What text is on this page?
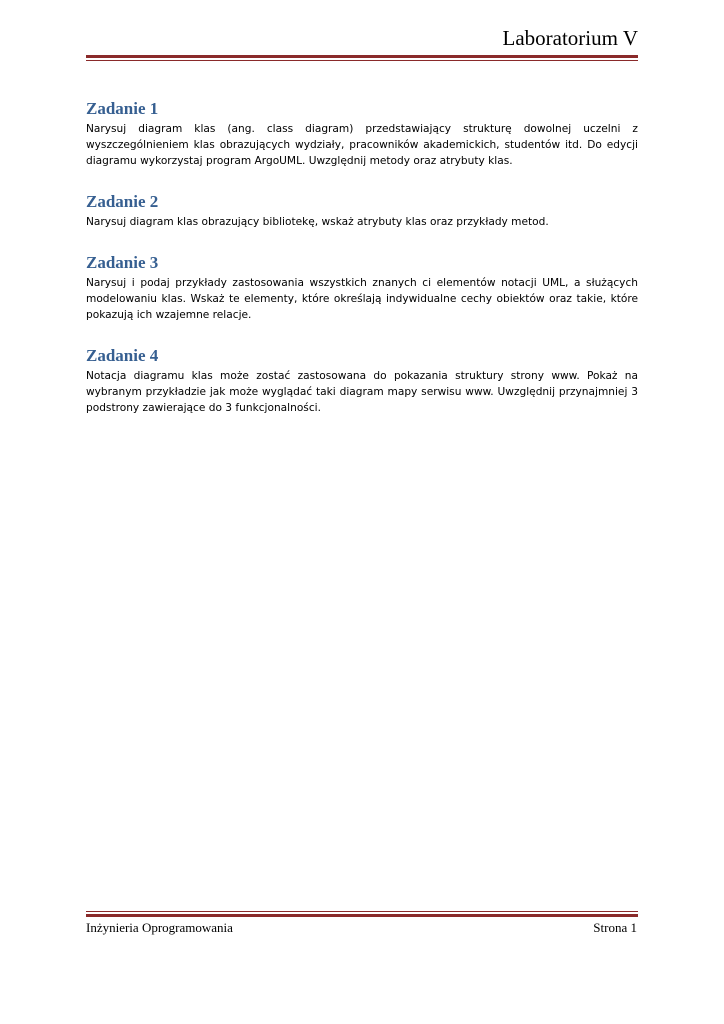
Laboratorium V
Zadanie 1

Narysuj diagram klas (ang. class diagram) przedstawiający strukturę dowolnej uczelni z wyszczególnieniem klas obrazujących wydziały, pracowników akademickich, studentów itd. Do edycji diagramu wykorzystaj program ArgoUML. Uwzględnij metody oraz atrybuty klas.

Zadanie 2

Narysuj diagram klas obrazujący bibliotekę, wskaż atrybuty klas oraz przykłady metod.

Zadanie 3

Narysuj i podaj przykłady zastosowania wszystkich znanych ci elementów notacji UML, a służących modelowaniu klas. Wskaż te elementy, które określają indywidualne cechy obiektów oraz takie, które pokazują ich wzajemne relacje.

Zadanie 4

Notacja diagramu klas może zostać zastosowana do pokazania struktury strony www. Pokaż na wybranym przykładzie jak może wyglądać taki diagram mapy serwisu www. Uwzględnij przynajmniej 3 podstrony zawierające do 3 funkcjonalności.

Inżynieria Oprogramowania	Strona 1
